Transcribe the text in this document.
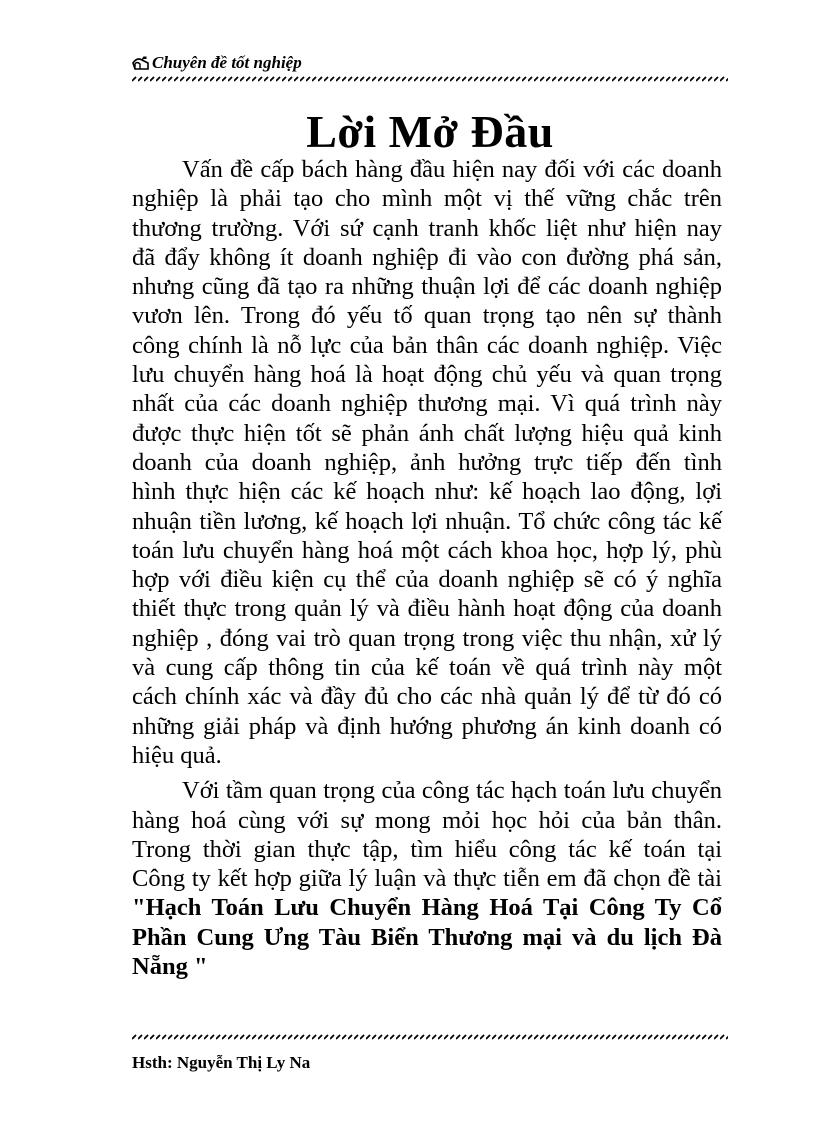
Chuyên đề tốt nghiệp
Lời Mở Đầu
Vấn đề cấp bách hàng đầu hiện nay đối với các doanh
nghiệp là phải tạo cho mình một vị thế vững chắc trên
thương trường. Với sứ cạnh tranh khốc liệt như hiện nay
đã đẩy không ít doanh nghiệp đi vào con đường phá sản,
nhưng cũng đã tạo ra những thuận lợi để các doanh nghiệp
vươn lên. Trong đó yếu tố quan trọng tạo nên sự thành
công chính là nỗ lực của bản thân các doanh nghiệp. Việc
lưu chuyển hàng hoá là hoạt động chủ yếu và quan trọng
nhất của các doanh nghiệp thương mại. Vì quá trình này
được thực hiện tốt sẽ phản ánh chất lượng hiệu quả kinh
doanh của doanh nghiệp, ảnh hưởng trực tiếp đến tình
hình thực hiện các kế hoạch như: kế hoạch lao động, lợi
nhuận tiền lương, kế hoạch lợi nhuận. Tổ chức công tác kế
toán lưu chuyển hàng hoá một cách khoa học, hợp lý, phù
hợp với điều kiện cụ thể của doanh nghiệp sẽ có ý nghĩa
thiết thực trong quản lý và điều hành hoạt động của doanh
nghiệp , đóng vai trò quan trọng trong việc thu nhận, xử lý
và cung cấp thông tin của kế toán về quá trình này một
cách chính xác và đầy đủ cho các nhà quản lý để từ đó có
những giải pháp và định hướng phương án kinh doanh có
hiệu quả.
Với tầm quan trọng của công tác hạch toán lưu chuyển
hàng hoá cùng với sự mong mỏi học hỏi của bản thân.
Trong thời gian thực tập, tìm hiểu công tác kế toán tại
Công ty kết hợp giữa lý luận và thực tiễn em đã chọn đề tài
"Hạch Toán Lưu Chuyển Hàng Hoá Tại Công Ty Cổ
Phần Cung Ưng Tàu Biển Thương mại và du lịch Đà
Nẵng "
Hsth: Nguyễn Thị Ly Na
